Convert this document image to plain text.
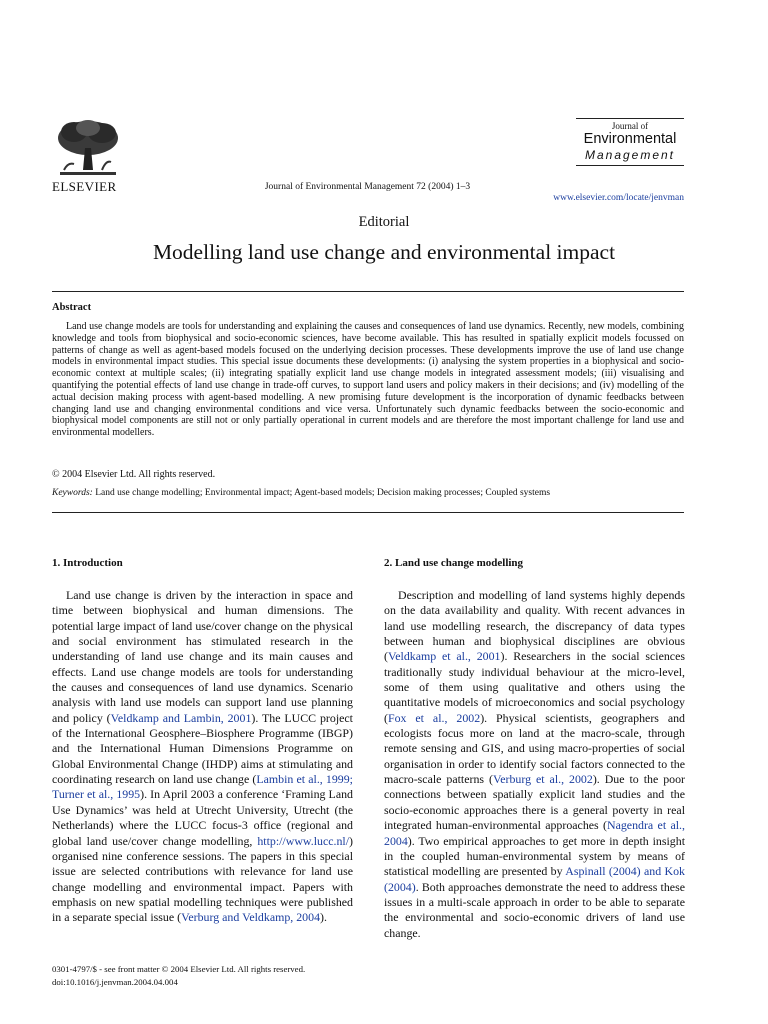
ELSEVIER	Journal of Environmental Management 72 (2004) 1–3
Journal of
Environmental
Management
www.elsevier.com/locate/jenvman
Editorial
Modelling land use change and environmental impact
Abstract
Land use change models are tools for understanding and explaining the causes and consequences of land use dynamics. Recently, new models, combining knowledge and tools from biophysical and socio-economic sciences, have become available. This has resulted in spatially explicit models focussed on patterns of change as well as agent-based models focused on the underlying decision processes. These developments improve the use of land use change models in environmental impact studies. This special issue documents these developments: (i) analysing the system properties in a biophysical and socio-economic context at multiple scales; (ii) integrating spatially explicit land use change models in integrated assessment models; (iii) visualising and quantifying the potential effects of land use change in trade-off curves, to support land users and policy makers in their decisions; and (iv) modelling of the actual decision making process with agent-based modelling. A new promising future development is the incorporation of dynamic feedbacks between changing land use and changing environmental conditions and vice versa. Unfortunately such dynamic feedbacks between the socio-economic and biophysical model components are still not or only partially operational in current models and are therefore the most important challenge for land use and environmental modellers.
© 2004 Elsevier Ltd. All rights reserved.
Keywords: Land use change modelling; Environmental impact; Agent-based models; Decision making processes; Coupled systems
1. Introduction
Land use change is driven by the interaction in space and time between biophysical and human dimensions. The potential large impact of land use/cover change on the physical and social environment has stimulated research in the understanding of land use change and its main causes and effects. Land use change models are tools for understanding the causes and consequences of land use dynamics. Scenario analysis with land use models can support land use planning and policy (Veldkamp and Lambin, 2001). The LUCC project of the International Geosphere–Biosphere Programme (IBGP) and the International Human Dimensions Programme on Global Environmental Change (IHDP) aims at stimulating and coordinating research on land use change (Lambin et al., 1999; Turner et al., 1995). In April 2003 a conference ‘Framing Land Use Dynamics’ was held at Utrecht University, Utrecht (the Netherlands) where the LUCC focus-3 office (regional and global land use/cover change modelling, http://www.lucc.nl/) organised nine conference sessions. The papers in this special issue are selected contributions with relevance for land use change modelling and environmental impact. Papers with emphasis on new spatial modelling techniques were published in a separate special issue (Verburg and Veldkamp, 2004).
2. Land use change modelling
Description and modelling of land systems highly depends on the data availability and quality. With recent advances in land use modelling research, the discrepancy of data types between human and biophysical disciplines are obvious (Veldkamp et al., 2001). Researchers in the social sciences traditionally study individual behaviour at the micro-level, some of them using qualitative and others using the quantitative models of microeconomics and social psychology (Fox et al., 2002). Physical scientists, geographers and ecologists focus more on land at the macro-scale, through remote sensing and GIS, and using macro-properties of social organisation in order to identify social factors connected to the macro-scale patterns (Verburg et al., 2002). Due to the poor connections between spatially explicit land studies and the socio-economic approaches there is a general poverty in real integrated human-environmental approaches (Nagendra et al., 2004). Two empirical approaches to get more in depth insight in the coupled human-environmental system by means of statistical modelling are presented by Aspinall (2004) and Kok (2004). Both approaches demonstrate the need to address these issues in a multi-scale approach in order to be able to separate the environmental and socio-economic drivers of land use change.
0301-4797/$ - see front matter © 2004 Elsevier Ltd. All rights reserved.
doi:10.1016/j.jenvman.2004.04.004
